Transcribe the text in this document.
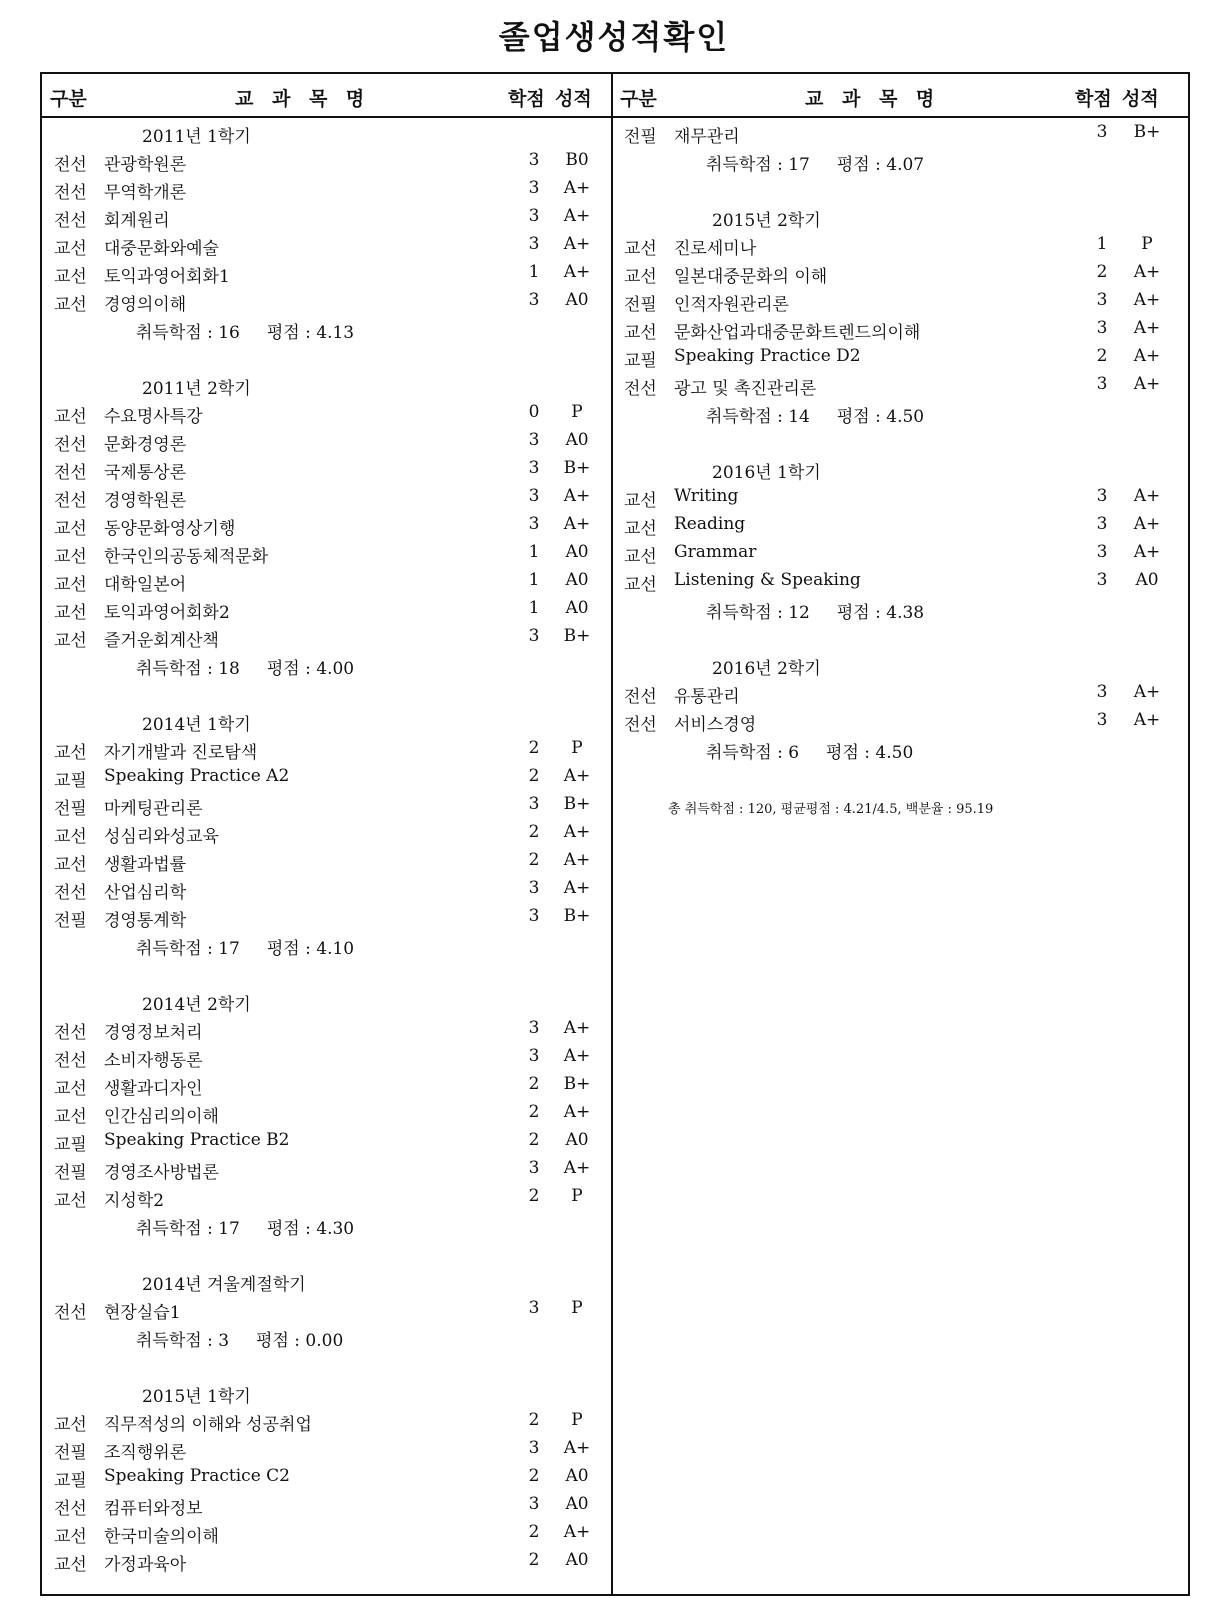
졸업생성적확인
구분	교 과 목 명	학점 성적 구분	교 과 목 명	학점 성적
2011년 1학기
전선 관광학원론	3	B0
전선 무역학개론	3 A+
전선 회계원리	3 A+
교선 대중문화와예술	3 A+
교선 토익과영어회화1	1 A+
교선 경영의이해	3	A0
취득학점 : 16     평점 : 4.13
2011년 2학기
교선 수요명사특강	0	P
전선 문화경영론	3	A0
전선 국제통상론	3 B+
전선 경영학원론	3 A+
교선 동양문화영상기행	3 A+
교선 한국인의공동체적문화	1	A0
교선 대학일본어	1	A0
교선 토익과영어회화2	1	A0
교선 즐거운회계산책	3 B+
취득학점 : 18     평점 : 4.00
2014년 1학기
교선 자기개발과 진로탐색	2	P
교필 Speaking Practice A2	2 A+
전필 마케팅관리론	3 B+
교선 성심리와성교육	2 A+
교선 생활과법률	2 A+
전선 산업심리학	3 A+
전필 경영통계학	3 B+
취득학점 : 17     평점 : 4.10
2014년 2학기
전선 경영정보처리	3 A+
전선 소비자행동론	3 A+
교선 생활과디자인	2 B+
교선 인간심리의이해	2 A+
교필 Speaking Practice B2	2	A0
전필 경영조사방법론	3 A+
교선 지성학2	2	P
취득학점 : 17     평점 : 4.30
2014년 겨울계절학기
전선 현장실습1	3	P
취득학점 : 3     평점 : 0.00
2015년 1학기
교선 직무적성의 이해와 성공취업	2	P
전필 조직행위론	3 A+
교필 Speaking Practice C2	2	A0
전선 컴퓨터와정보	3	A0
교선 한국미술의이해	2 A+
교선 가정과육아	2	A0
전필 재무관리	3 B+
취득학점 : 17     평점 : 4.07
2015년 2학기
교선 진로세미나	1	P
교선 일본대중문화의 이해	2 A+
전필 인적자원관리론	3 A+
교선 문화산업과대중문화트렌드의이해	3 A+
교필 Speaking Practice D2	2 A+
전선 광고 및 촉진관리론	3 A+
취득학점 : 14     평점 : 4.50
2016년 1학기
교선 Writing	3 A+
교선 Reading	3 A+
교선 Grammar	3 A+
교선 Listening & Speaking	3	A0
취득학점 : 12     평점 : 4.38
2016년 2학기
전선 유통관리	3 A+
전선 서비스경영	3 A+
취득학점 : 6     평점 : 4.50
총 취득학점 : 120, 평균평점 : 4.21/4.5, 백분율 : 95.19
